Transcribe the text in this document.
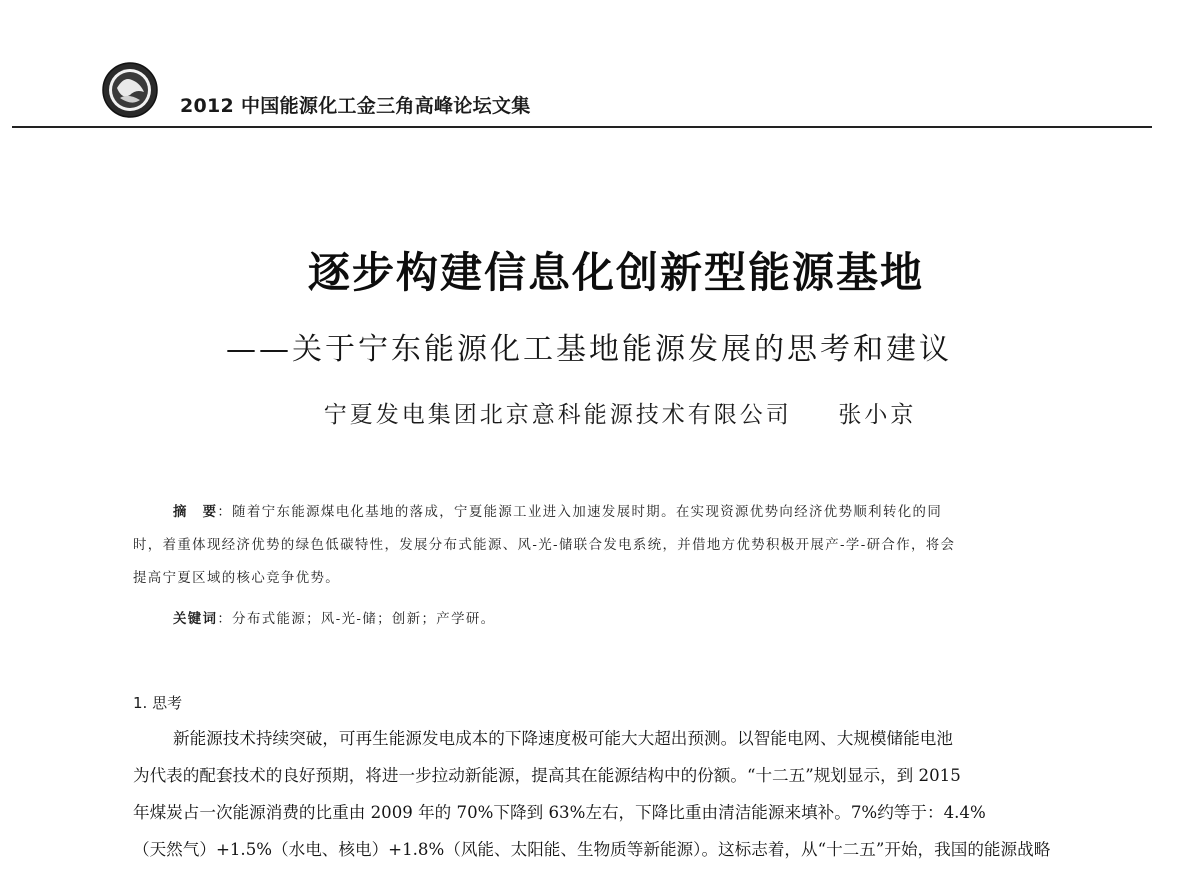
2012 中国能源化工金三角高峰论坛文集
逐步构建信息化创新型能源基地
——关于宁东能源化工基地能源发展的思考和建议
宁夏发电集团北京意科能源技术有限公司   张小京
摘　要：随着宁东能源煤电化基地的落成，宁夏能源工业进入加速发展时期。在实现资源优势向经济优势顺利转化的同
时，着重体现经济优势的绿色低碳特性，发展分布式能源、风-光-储联合发电系统，并借地方优势积极开展产-学-研合作，将会
提高宁夏区域的核心竞争优势。
关键词：分布式能源；风-光-储；创新；产学研。
1. 思考
新能源技术持续突破，可再生能源发电成本的下降速度极可能大大超出预测。以智能电网、大规模储能电池
为代表的配套技术的良好预期，将进一步拉动新能源，提高其在能源结构中的份额。“十二五”规划显示，到 2015
年煤炭占一次能源消费的比重由 2009 年的 70%下降到 63%左右，下降比重由清洁能源来填补。7%约等于：4.4%
（天然气）+1.5%（水电、核电）+1.8%（风能、太阳能、生物质等新能源）。这标志着，从“十二五”开始，我国的能源战略
